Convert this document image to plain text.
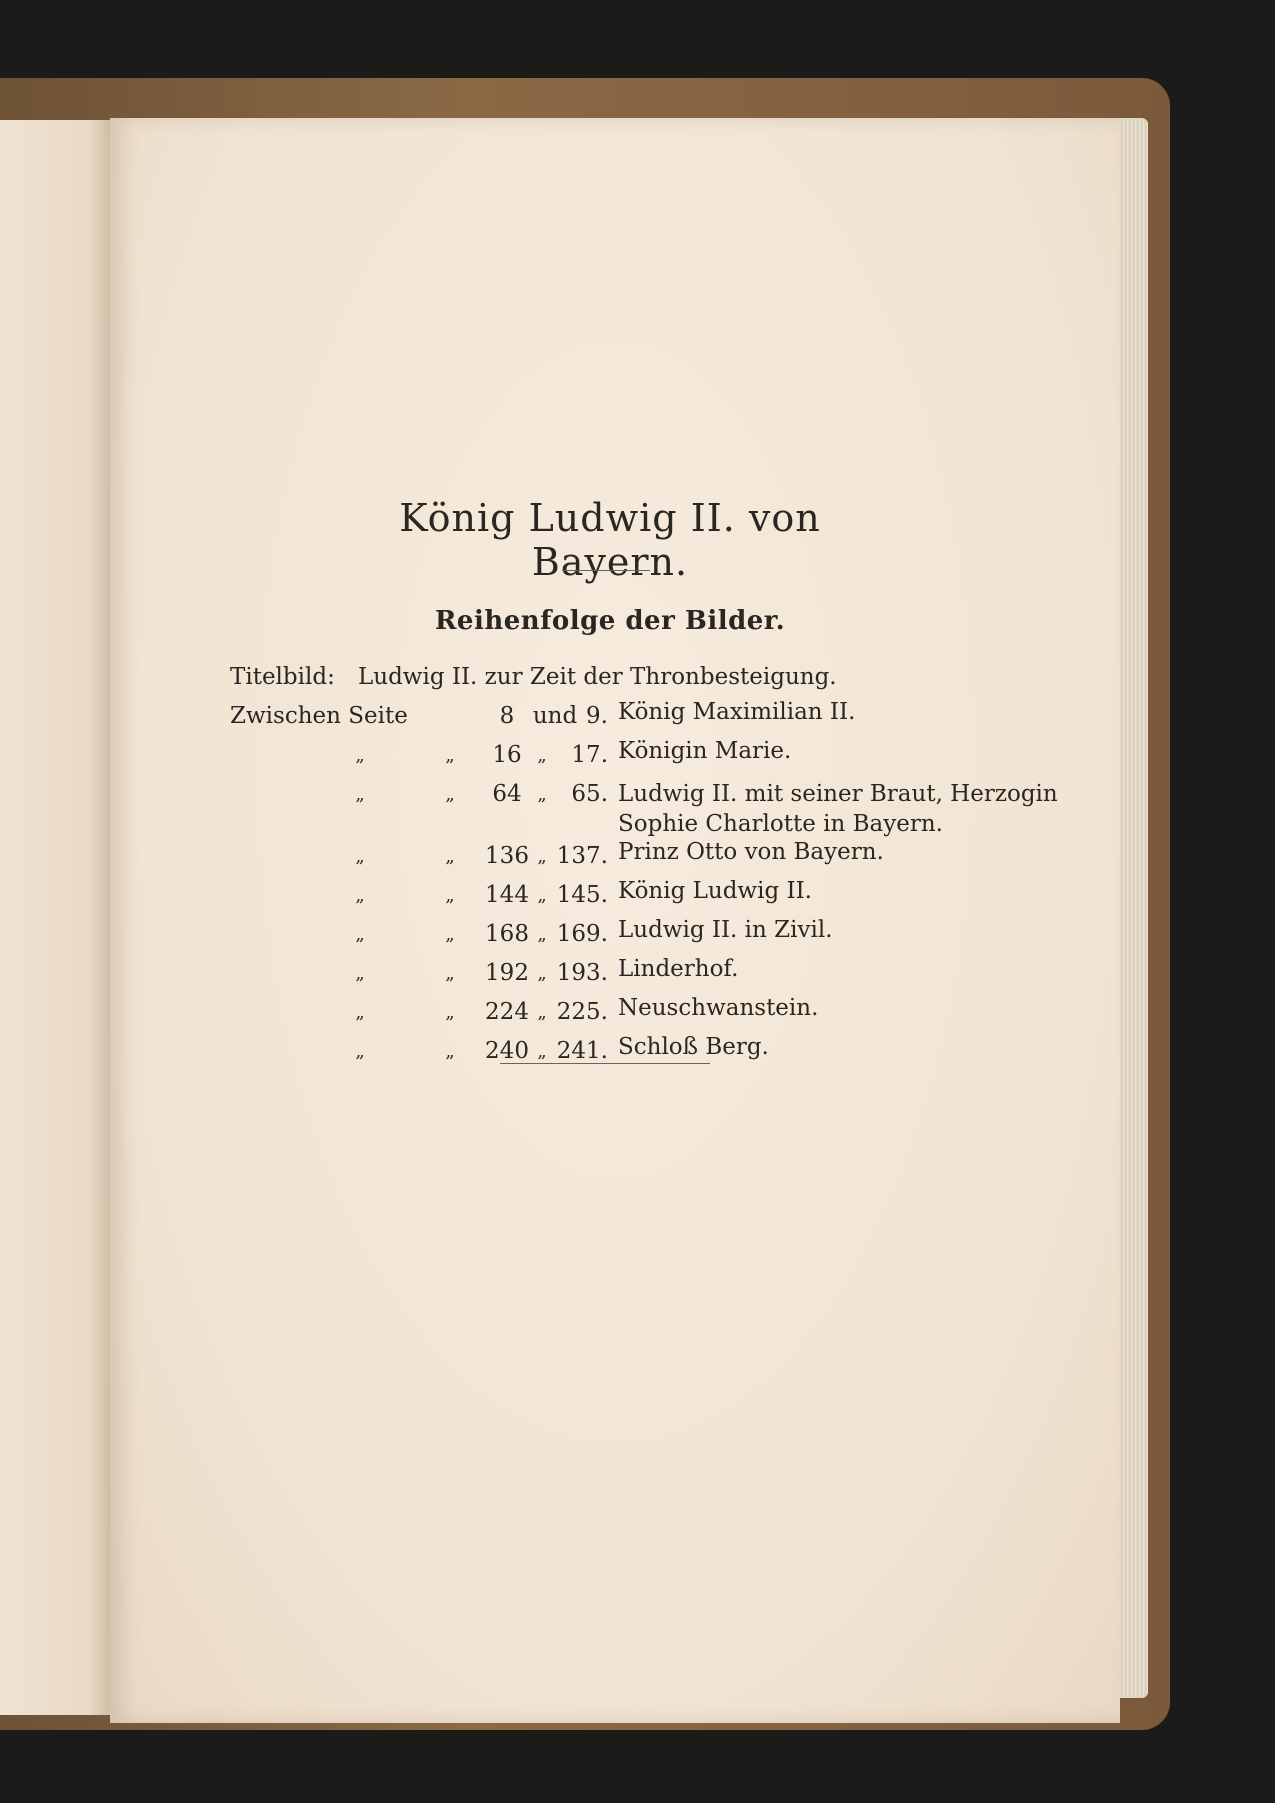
König Ludwig II. von Bayern.
Reihenfolge der Bilder.
Titelbild: Ludwig II. zur Zeit der Thronbesteigung.
Zwischen Seite	8 und 9. König Maximilian II.
„	„	16 „	17. Königin Marie.
„	„	64 „	65. Ludwig II. mit seiner Braut, Herzogin Sophie Charlotte in Bayern.
„	„	136 „ 137. Prinz Otto von Bayern.
„	„	144 „ 145. König Ludwig II.
„	„	168 „ 169. Ludwig II. in Zivil.
„	„	192 „ 193. Linderhof.
„	„	224 „ 225. Neuschwanstein.
„	„	240 „ 241. Schloß Berg.
